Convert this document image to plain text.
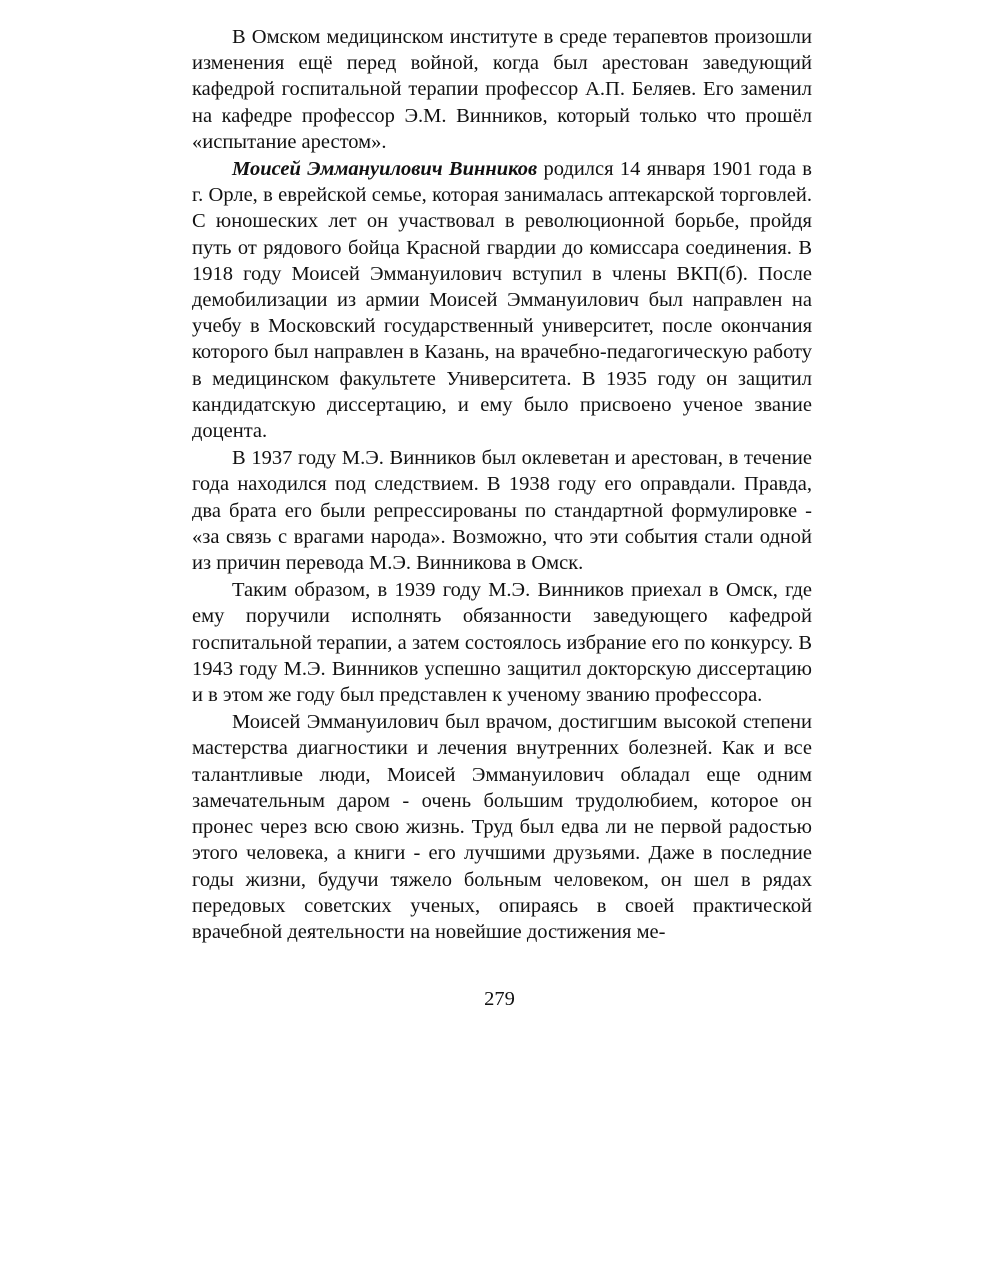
В Омском медицинском институте в среде терапевтов произошли изменения ещё перед войной, когда был арестован заведующий кафедрой госпитальной терапии профессор А.П. Беляев. Его заменил на кафедре профессор Э.М. Винников, который только что прошёл «испытание арестом».

Моисей Эммануилович Винников родился 14 января 1901 года в г. Орле, в еврейской семье, которая занималась аптекарской торговлей. С юношеских лет он участвовал в революционной борьбе, пройдя путь от рядового бойца Красной гвардии до комиссара соединения. В 1918 году Моисей Эммануилович вступил в члены ВКП(б). После демобилизации из армии Моисей Эммануилович был направлен на учебу в Московский государственный университет, после окончания которого был направлен в Казань, на врачебно-педагогическую работу в медицинском факультете Университета. В 1935 году он защитил кандидатскую диссертацию, и ему было присвоено ученое звание доцента.

В 1937 году М.Э. Винников был оклеветан и арестован, в течение года находился под следствием. В 1938 году его оправдали. Правда, два брата его были репрессированы по стандартной формулировке - «за связь с врагами народа». Возможно, что эти события стали одной из причин перевода М.Э. Винникова в Омск.

Таким образом, в 1939 году М.Э. Винников приехал в Омск, где ему поручили исполнять обязанности заведующего кафедрой госпитальной терапии, а затем состоялось избрание его по конкурсу. В 1943 году М.Э. Винников успешно защитил докторскую диссертацию и в этом же году был представлен к ученому званию профессора.

Моисей Эммануилович был врачом, достигшим высокой степени мастерства диагностики и лечения внутренних болезней. Как и все талантливые люди, Моисей Эммануилович обладал еще одним замечательным даром - очень большим трудолюбием, которое он пронес через всю свою жизнь. Труд был едва ли не первой радостью этого человека, а книги - его лучшими друзьями. Даже в последние годы жизни, будучи тяжело больным человеком, он шел в рядах передовых советских ученых, опираясь в своей практической врачебной деятельности на новейшие достижения ме-

279
